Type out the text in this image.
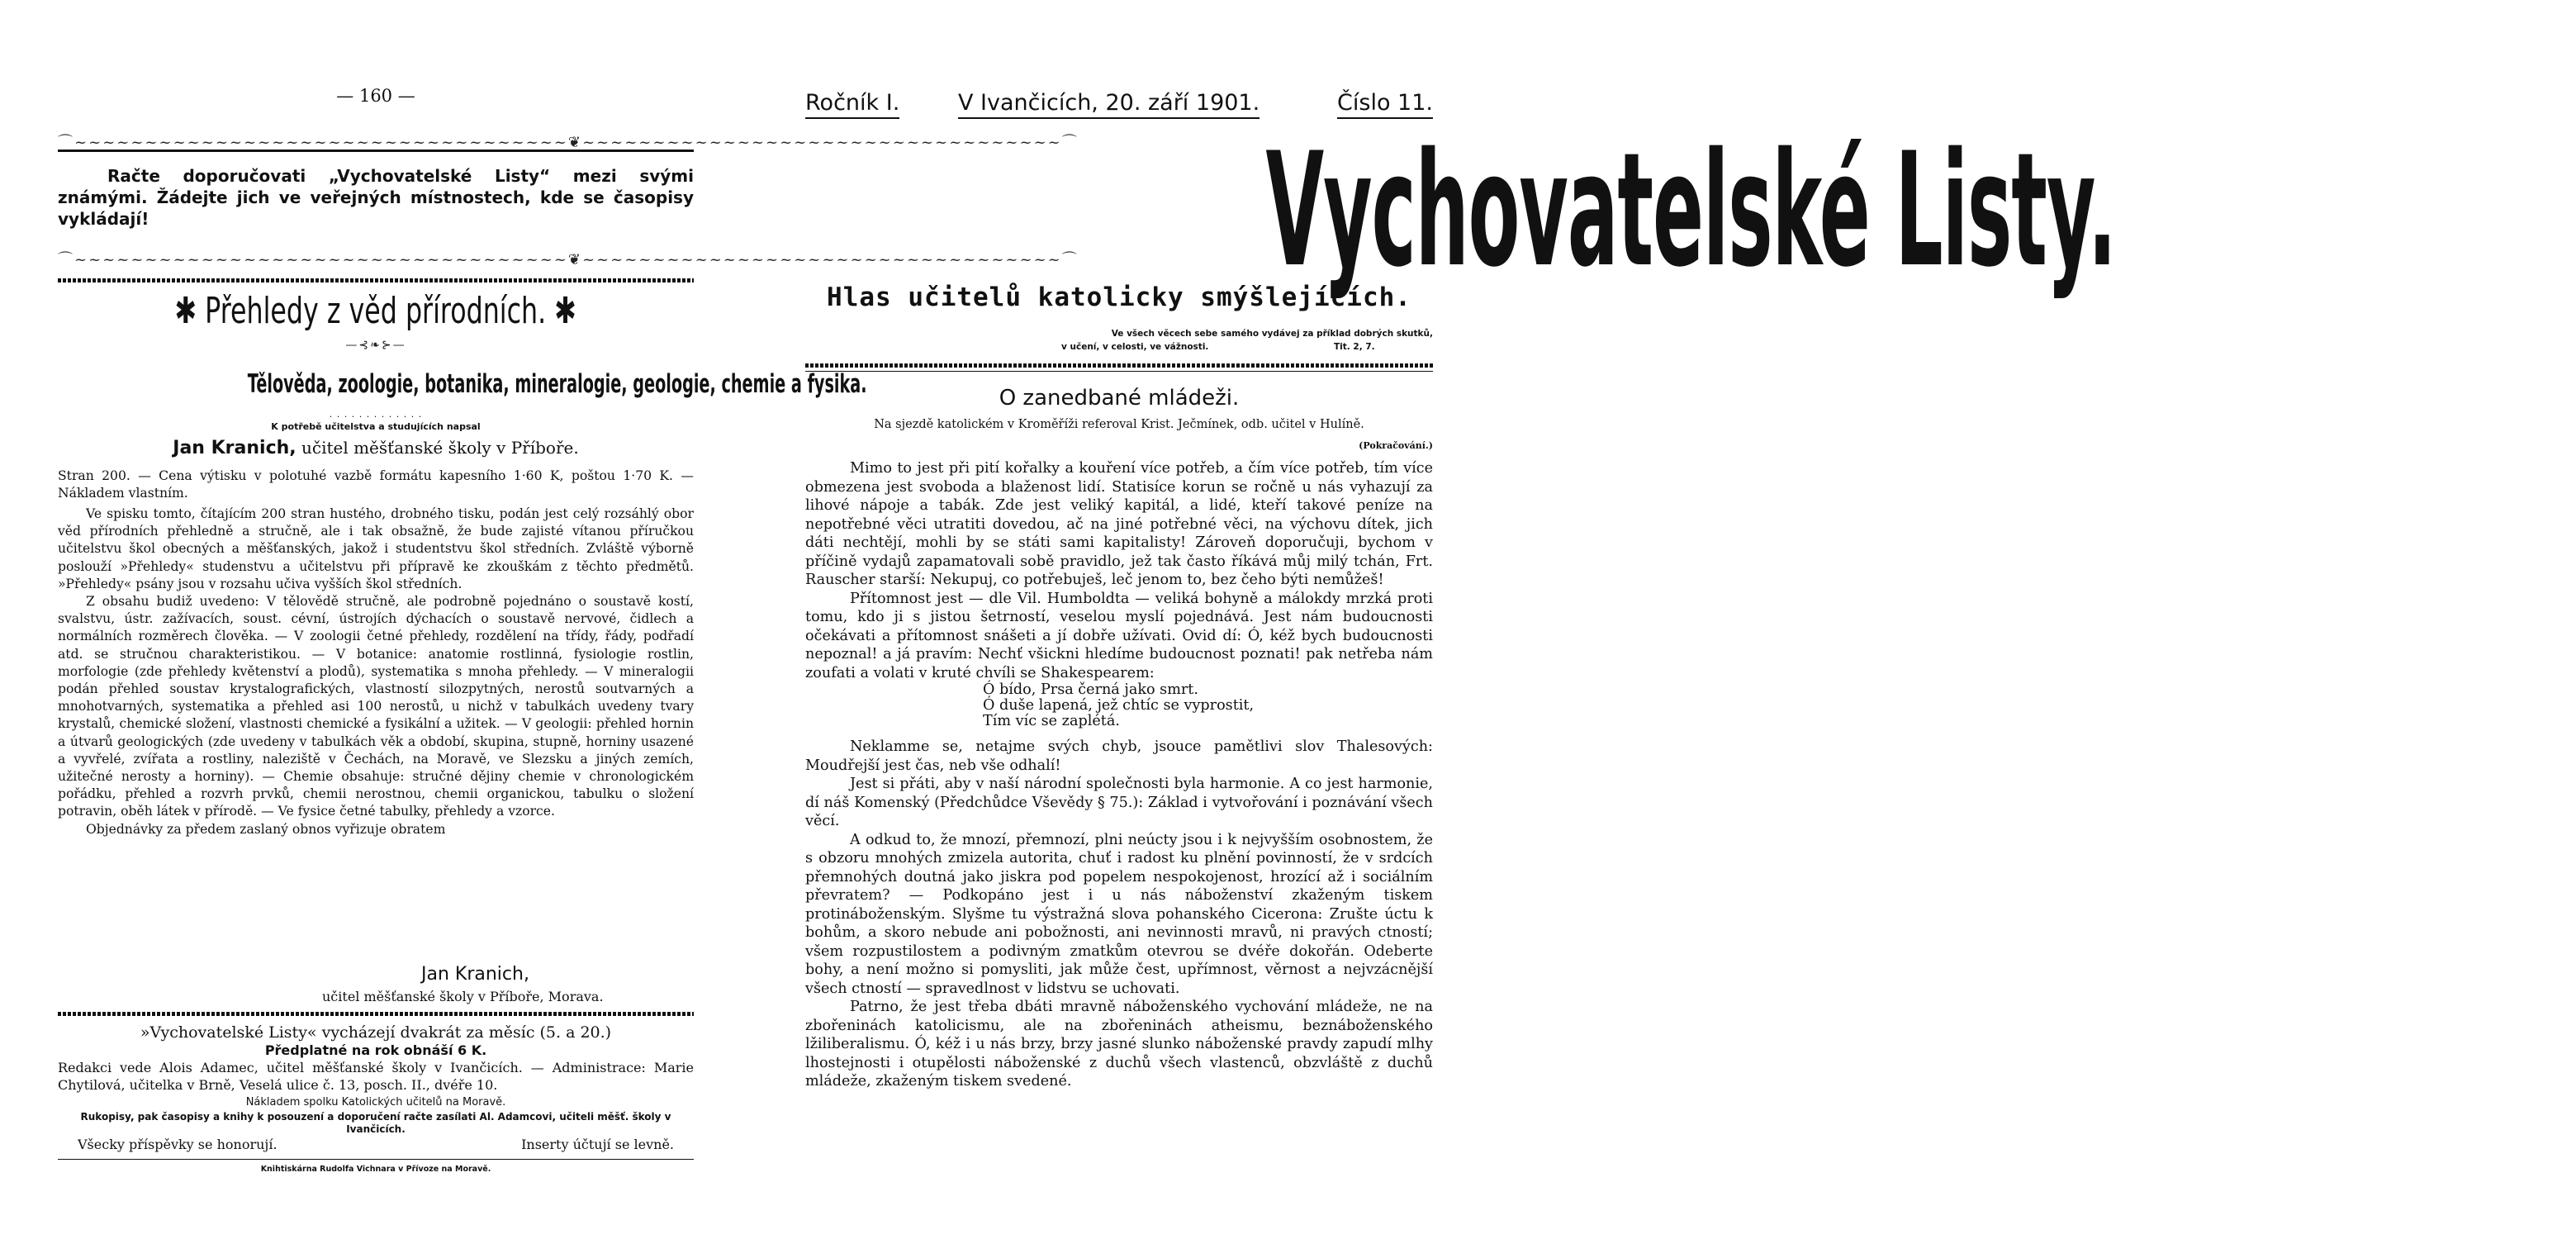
— 160 —
⌒~~~~~~~~~~~~~~~~~~~~~~~~~~~~~~~~~~~❦~~~~~~~~~~~~~~~~~~~~~~~~~~~~~~~~~~⌒
Račte doporučovati „Vychovatelské Listy“ mezi svými známými. Žádejte jich ve veřejných místnostech, kde se časopisy vykládají!
⌒~~~~~~~~~~~~~~~~~~~~~~~~~~~~~~~~~~~❦~~~~~~~~~~~~~~~~~~~~~~~~~~~~~~~~~~⌒
✱ Přehledy z věd přírodních. ✱
—⊰❧⊱—
Tělověda, zoologie, botanika, mineralogie, geologie, chemie a fysika.
· · · · · · · · · · · · ·
K potřebě učitelstva a studujících napsal
Jan Kranich, učitel měšťanské školy v Příboře.

Stran 200. — Cena výtisku v polotuhé vazbě formátu kapesního 1·60 K, poštou 1·70 K. — Nákladem vlastním.

Ve spisku tomto, čítajícím 200 stran hustého, drobného tisku, podán jest celý rozsáhlý obor věd přírodních přehledně a stručně, ale i tak obsažně, že bude zajisté vítanou příručkou učitelstvu škol obecných a měšťanských, jakož i studentstvu škol středních. Zvláště výborně poslouží »Přehledy« studenstvu a učitelstvu při přípravě ke zkouškám z těchto předmětů. »Přehledy« psány jsou v rozsahu učiva vyšších škol středních.

Z obsahu budiž uvedeno: V tělovědě stručně, ale podrobně pojednáno o soustavě kostí, svalstvu, ústr. zažívacích, soust. cévní, ústrojích dýchacích o soustavě nervové, čidlech a normálních rozměrech člověka. — V zoologii četné přehledy, rozdělení na třídy, řády, podřadí atd. se stručnou charakteristikou. — V botanice: anatomie rostlinná, fysiologie rostlin, morfologie (zde přehledy květenství a plodů), systematika s mnoha přehledy. — V mineralogii podán přehled soustav krystalografických, vlastností silozpytných, nerostů soutvarných a mnohotvarných, systematika a přehled asi 100 nerostů, u nichž v tabulkách uvedeny tvary krystalů, chemické složení, vlastnosti chemické a fysikální a užitek. — V geologii: přehled hornin a útvarů geologických (zde uvedeny v tabulkách věk a období, skupina, stupně, horniny usazené a vyvřelé, zvířata a rostliny, naleziště v Čechách, na Moravě, ve Slezsku a jiných zemích, užitečné nerosty a horniny). — Chemie obsahuje: stručné dějiny chemie v chronologickém pořádku, přehled a rozvrh prvků, chemii nerostnou, chemii organickou, tabulku o složení potravin, oběh látek v přírodě. — Ve fysice četné tabulky, přehledy a vzorce.

Objednávky za předem zaslaný obnos vyřizuje obratem

Jan Kranich,
učitel měšťanské školy v Příboře, Morava.
»Vychovatelské Listy« vycházejí dvakrát za měsíc (5. a 20.)
Předplatné na rok obnáší 6 K.
Redakci vede Alois Adamec, učitel měšťanské školy v Ivančicích. — Administrace: Marie Chytilová, učitelka v Brně, Veselá ulice č. 13, posch. II., dvéře 10.
Nákladem spolku Katolických učitelů na Moravě.
Rukopisy, pak časopisy a knihy k posouzení a doporučení račte zasílati Al. Adamcovi, učiteli měšť. školy v Ivančicích.
Všecky příspěvky se honorují.	Inserty účtují se levně.
Knihtiskárna Rudolfa Vichnara v Přívoze na Moravě.
Ročník I.	V Ivančicích, 20. září 1901.	Číslo 11.
Vychovatelské Listy.
Hlas učitelů katolicky smýšlejících.
Ve všech věcech sebe samého vydávej za příklad dobrých skutků,
v učení, v celosti, ve vážnosti.	Tit. 2, 7.
O zanedbané mládeži.
Na sjezdě katolickém v Kroměříži referoval Krist. Ječmínek, odb. učitel v Hulíně.
(Pokračování.)

Mimo to jest při pití kořalky a kouření více potřeb, a čím více potřeb, tím více obmezena jest svoboda a blaženost lidí. Statisíce korun se ročně u nás vyhazují za lihové nápoje a tabák. Zde jest veliký kapitál, a lidé, kteří takové peníze na nepotřebné věci utratiti dovedou, ač na jiné potřebné věci, na výchovu dítek, jich dáti nechtějí, mohli by se státi sami kapitalisty! Zároveň doporučuji, bychom v příčině vydajů zapamatovali sobě pravidlo, jež tak často říkává můj milý tchán, Frt. Rauscher starší: Nekupuj, co potřebuješ, leč jenom to, bez čeho býti nemůžeš!

Přítomnost jest — dle Vil. Humboldta — veliká bohyně a málokdy mrzká proti tomu, kdo ji s jistou šetrností, veselou myslí pojednává. Jest nám budoucnosti očekávati a přítomnost snášeti a jí dobře užívati. Ovid dí: Ó, kéž bych budoucnosti nepoznal! a já pravím: Nechť všickni hledíme budoucnost poznati! pak netřeba nám zoufati a volati v kruté chvíli se Shakespearem:

Ó bído, Prsa černá jako smrt.

Ó duše lapená, jež chtíc se vyprostit,

Tím víc se zaplétá.

Neklamme se, netajme svých chyb, jsouce pamětlivi slov Thalesových: Moudřejší jest čas, neb vše odhalí!

Jest si přáti, aby v naší národní společnosti byla harmonie. A co jest harmonie, dí náš Komenský (Předchůdce Vševědy § 75.): Základ i vytvořování i poznávání všech věcí.

A odkud to, že mnozí, přemnozí, plni neúcty jsou i k nejvyšším osobnostem, že s obzoru mnohých zmizela autorita, chuť i radost ku plnění povinností, že v srdcích přemnohých doutná jako jiskra pod popelem nespokojenost, hrozící až i sociálním převratem? — Podkopáno jest i u nás náboženství zkaženým tiskem protináboženským. Slyšme tu výstražná slova pohanského Cicerona: Zrušte úctu k bohům, a skoro nebude ani pobožnosti, ani nevinnosti mravů, ni pravých ctností; všem rozpustilostem a podivným zmatkům otevrou se dvéře dokořán. Odeberte bohy, a není možno si pomysliti, jak může čest, upřímnost, věrnost a nejvzácnější všech ctností — spravedlnost v lidstvu se uchovati.

Patrno, že jest třeba dbáti mravně náboženského vychování mládeže, ne na zbořeninách katolicismu, ale na zbořeninách atheismu, beznáboženského lžiliberalismu. Ó, kéž i u nás brzy, brzy jasné slunko náboženské pravdy zapudí mlhy lhostejnosti i otupělosti náboženské z duchů všech vlastenců, obzvláště z duchů mládeže, zkaženým tiskem svedené.
